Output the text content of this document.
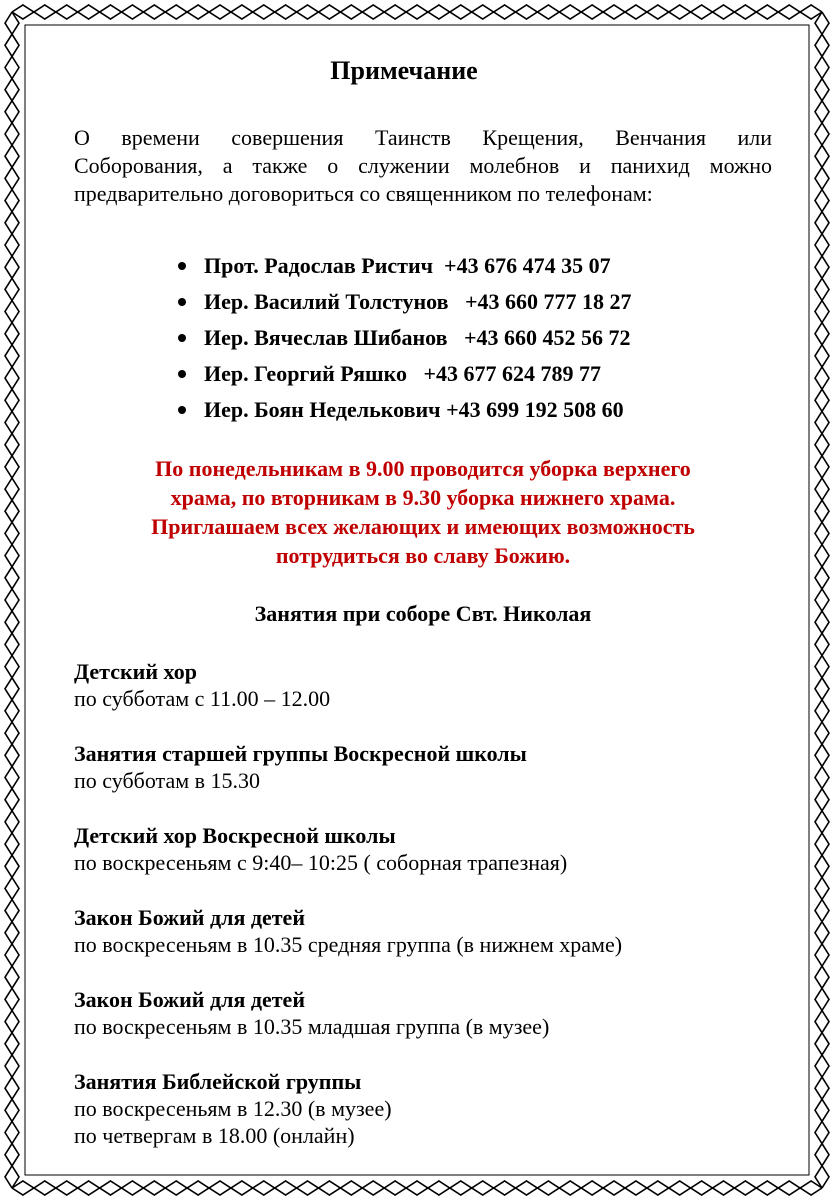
Примечание
О времени совершения Таинств Крещения, Венчания или
Соборования, а также о служении молебнов и панихид можно
предварительно договориться со священником по телефонам:
Прот. Радослав Ристич  +43 676 474 35 07
Иер. Василий Толстунов   +43 660 777 18 27
Иер. Вячеслав Шибанов   +43 660 452 56 72
Иер. Георгий Ряшко   +43 677 624 789 77
Иер. Боян Неделькович +43 699 192 508 60
По понедельникам в 9.00 проводится уборка верхнего
храма, по вторникам в 9.30 уборка нижнего храма.
Приглашаем всех желающих и имеющих возможность
потрудиться во славу Божию.
Занятия при соборе Свт. Николая
Детский хор
по субботам с 11.00 – 12.00
Занятия старшей группы Воскресной школы
по субботам в 15.30
Детский хор Воскресной школы
по воскресеньям с 9:40– 10:25 ( соборная трапезная)
Закон Божий для детей
по воскресеньям в 10.35 средняя группа (в нижнем храме)
Закон Божий для детей
по воскресеньям в 10.35 младшая группа (в музее)
Занятия Библейской группы
по воскресеньям в 12.30 (в музее)
по четвергам в 18.00 (онлайн)
